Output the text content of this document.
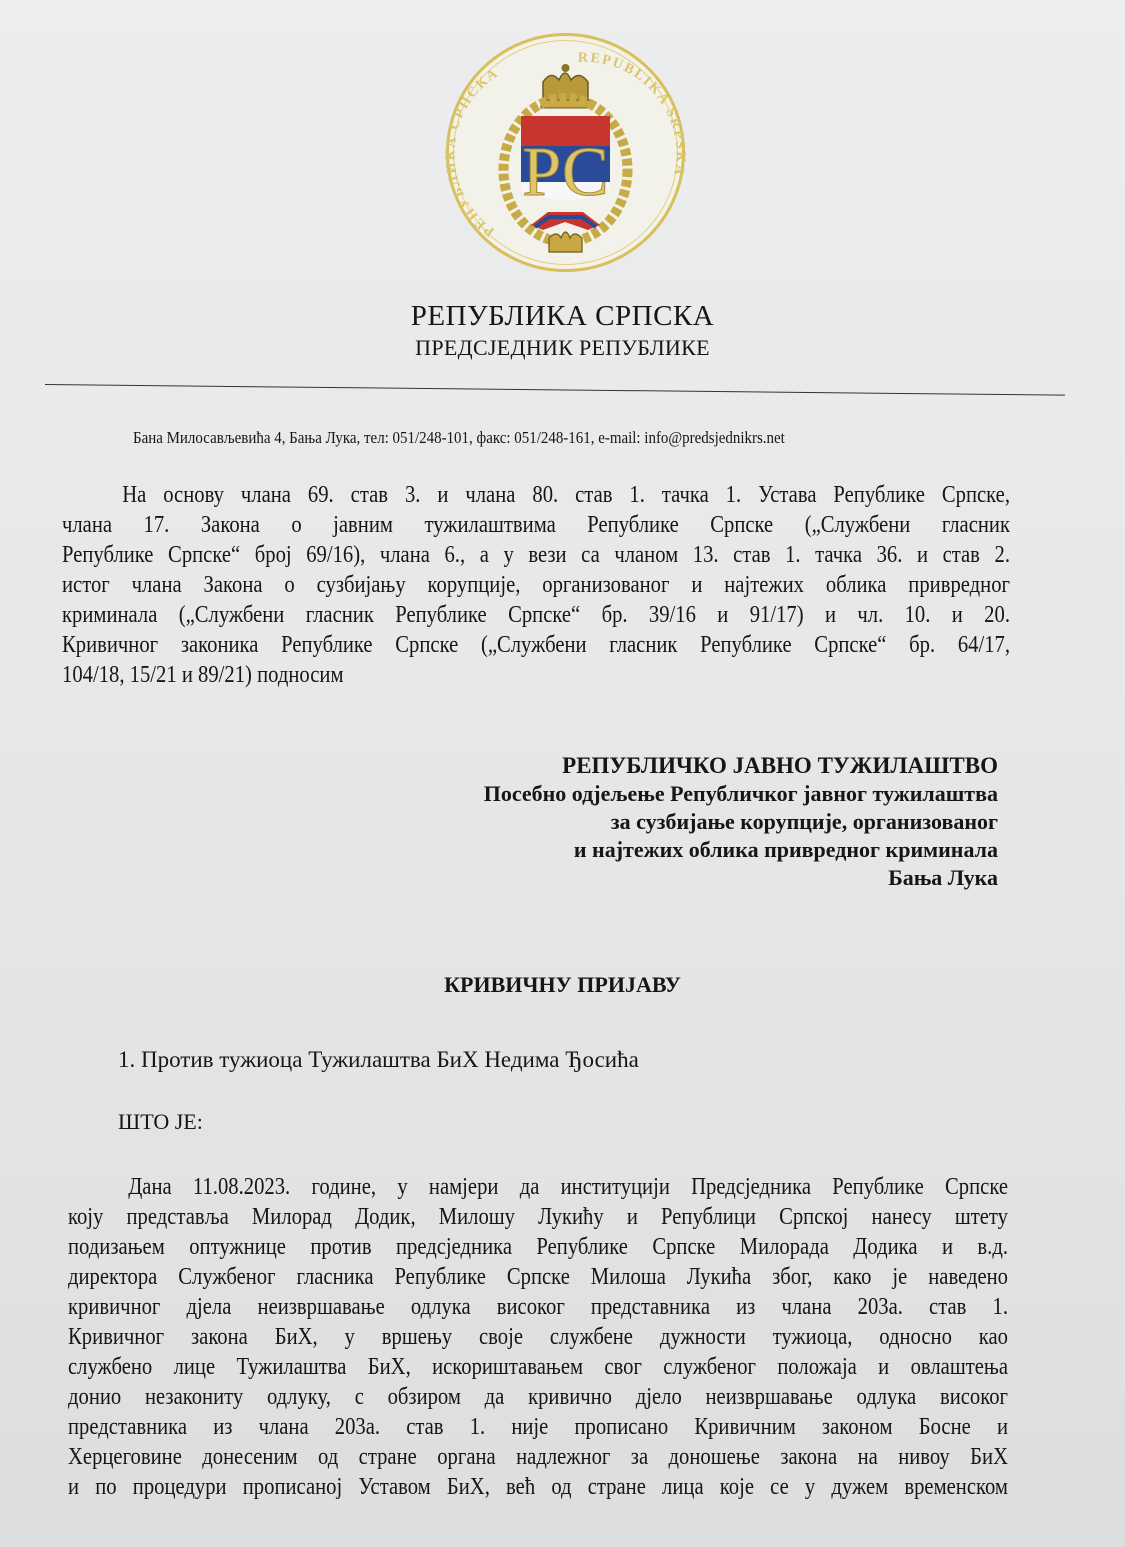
РЕПУБЛИКА СРПСКА
REPUBLIKA SRPSKA
РС
РЕПУБЛИКА СРПСКА
ПРЕДСЈЕДНИК РЕПУБЛИКЕ
Бана Милосављевића 4, Бања Лука, тел: 051/248-101, факс: 051/248-161, e-mail: info@predsjednikrs.net
На основу члана 69. став 3. и члана 80. став 1. тачка 1. Устава Републике Српске,
члана 17. Закона о јавним тужилаштвима Републике Српске („Службени гласник
Републике Српске“ број 69/16), члана 6., а у вези са чланом 13. став 1. тачка 36. и став 2.
истог члана Закона о сузбијању корупције, организованог и најтежих облика привредног
криминала („Службени гласник Републике Српске“ бр. 39/16 и 91/17) и чл. 10. и 20.
Кривичног законика Републике Српске („Службени гласник Републике Српске“ бр. 64/17,
104/18, 15/21 и 89/21) подносим
РЕПУБЛИЧКО ЈАВНО ТУЖИЛАШТВО
Посебно одјељење Републичког јавног тужилаштва
за сузбијање корупције, организованог
и најтежих облика привредног криминала
Бања Лука
КРИВИЧНУ ПРИЈАВУ
1. Против тужиоца Тужилаштва БиХ Недима Ђосића
ШТО ЈЕ:
Дана 11.08.2023. године, у намјери да институцији Предсједника Републике Српске
коју представља Милорад Додик, Милошу Лукићу и Републици Српској нанесу штету
подизањем оптужнице против предсједника Републике Српске Милорада Додика и в.д.
директора Службеног гласника Републике Српске Милоша Лукића због, како је наведено
кривичног дјела неизвршавање одлука високог представника из члана 203а. став 1.
Кривичног закона БиХ, у вршењу своје службене дужности тужиоца, односно као
службено лице Тужилаштва БиХ, искориштавањем свог службеног положаја и овлаштења
донио незакониту одлуку, с обзиром да кривично дјело неизвршавање одлука високог
представника из члана 203а. став 1. није прописано Кривичним законом Босне и
Херцеговине донесеним од стране органа надлежног за доношење закона на нивоу БиХ
и по процедури прописаној Уставом БиХ, већ од стране лица које се у дужем временском
